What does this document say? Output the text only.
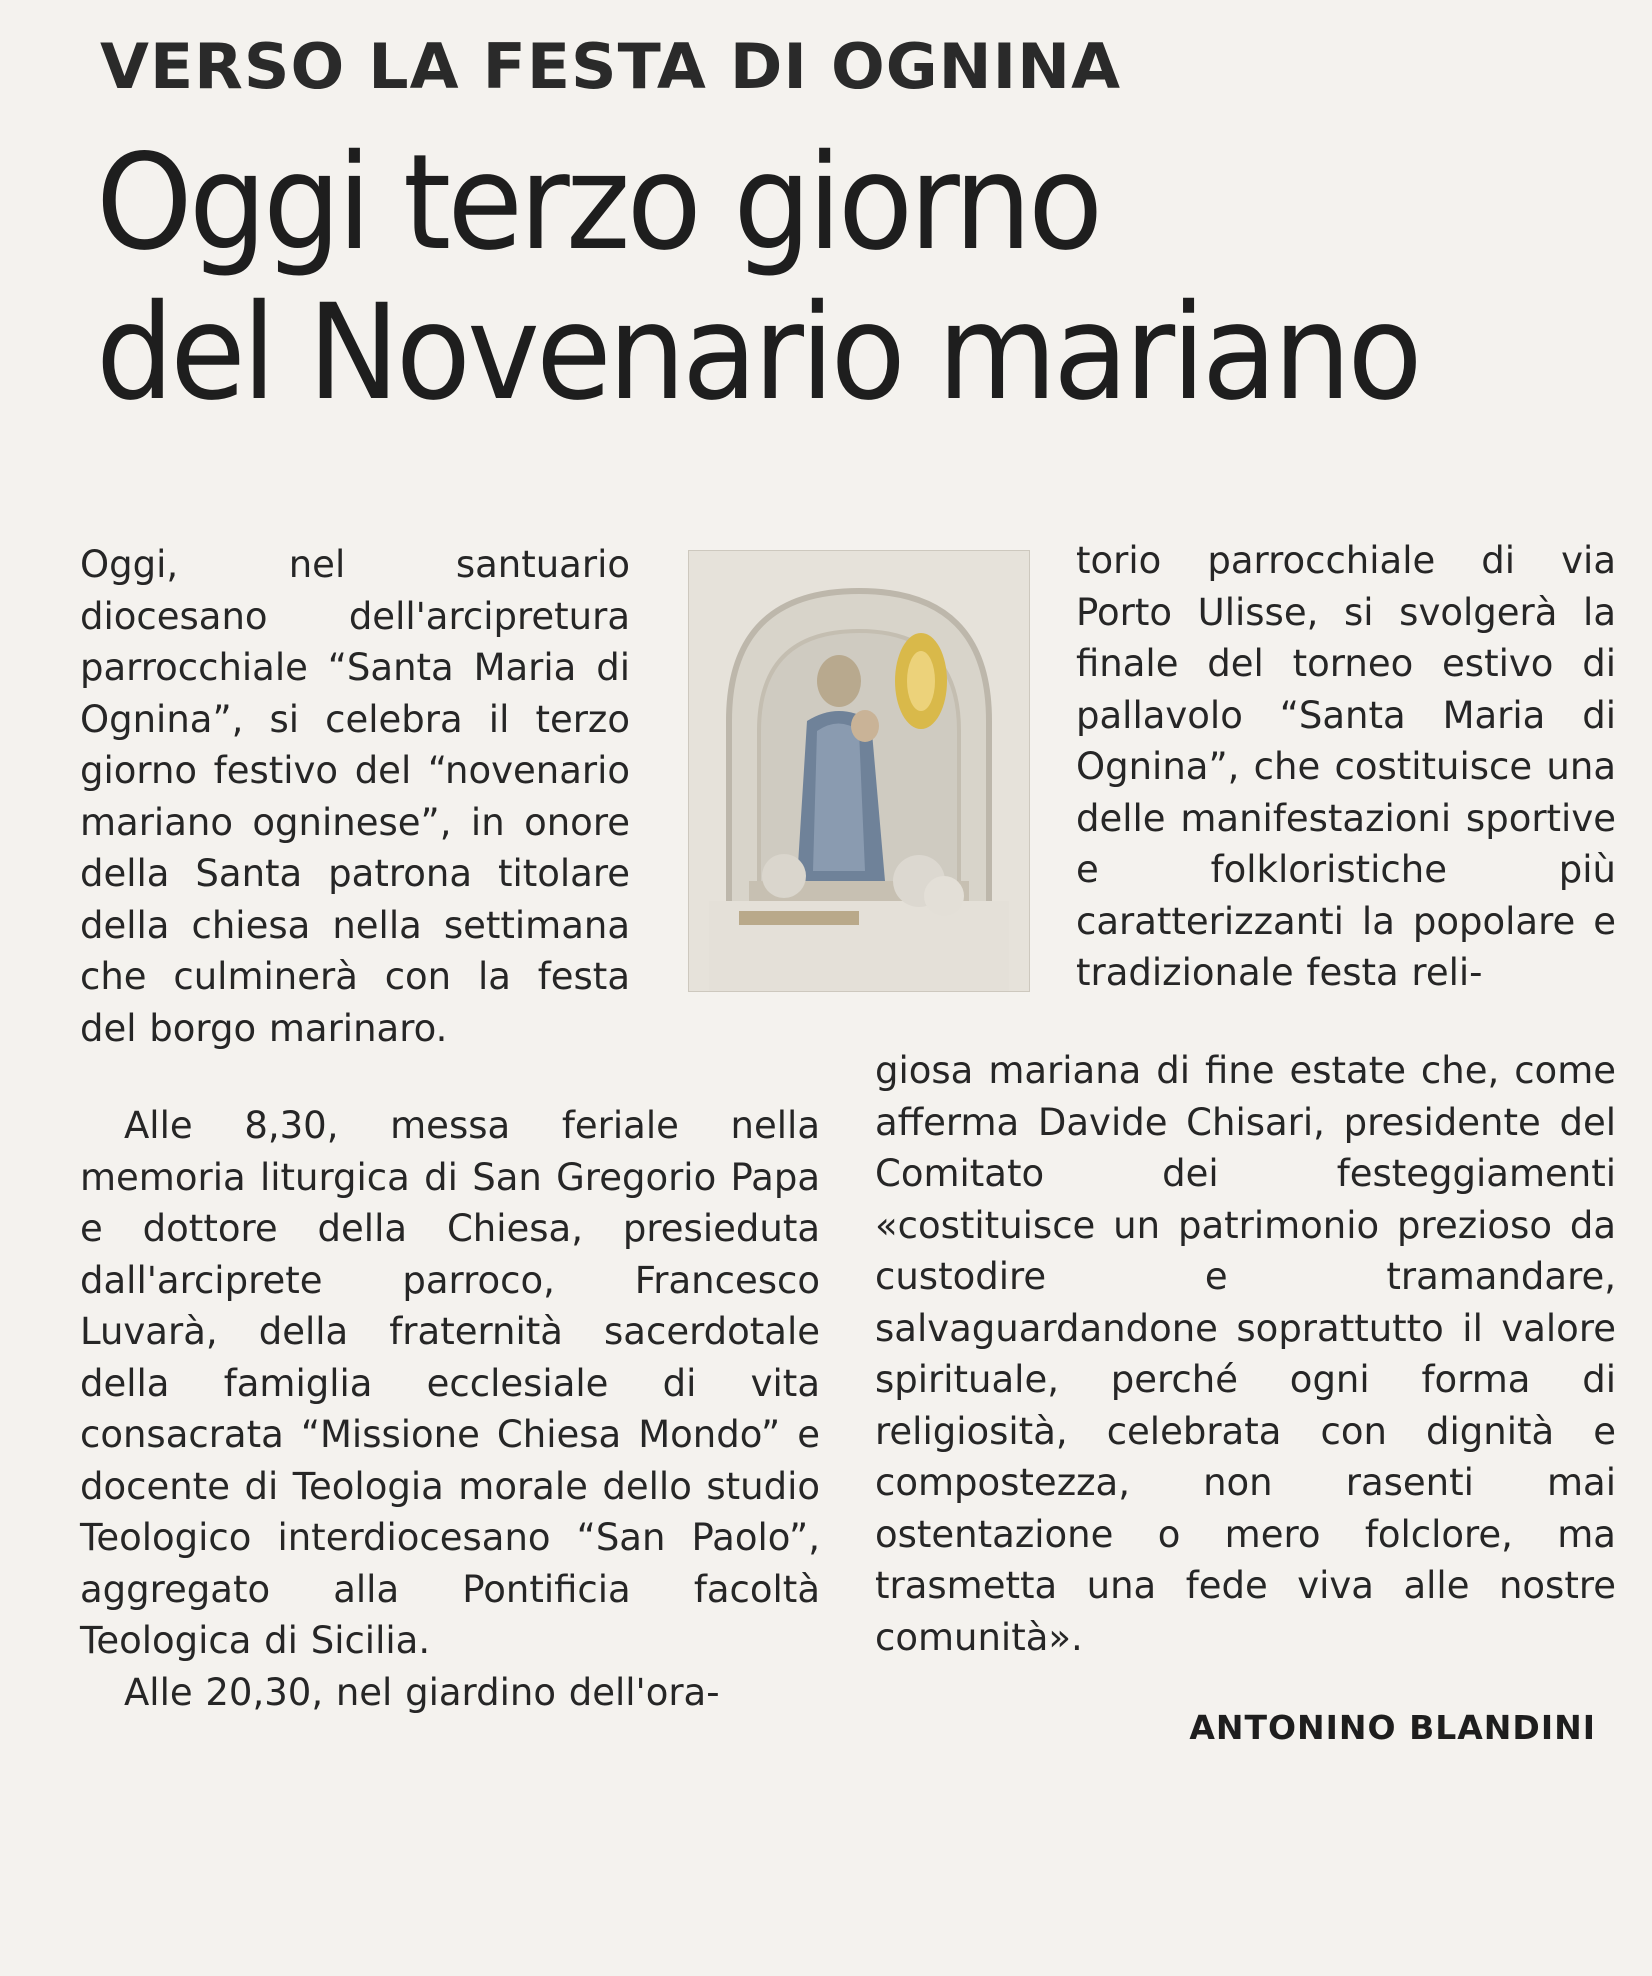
VERSO LA FESTA DI OGNINA
Oggi terzo giorno
del Novenario mariano

Oggi, nel santuario diocesano dell'arcipretura parrocchiale “Santa Maria di Ognina”, si celebra il terzo giorno festivo del “novenario mariano ogninese”, in onore della Santa patrona titolare della chiesa nella settimana che culminerà con la festa del borgo marinaro.

torio parrocchiale di via Porto Ulisse, si svolgerà la finale del torneo estivo di pallavolo “Santa Maria di Ognina”, che costituisce una delle manifestazioni sportive e folkloristiche più caratterizzanti la popolare e tradizionale festa reli-

Alle 8,30, messa feriale nella memoria liturgica di San Gregorio Papa e dottore della Chiesa, presieduta dall'arciprete parroco, Francesco Luvarà, della fraternità sacerdotale della famiglia ecclesiale di vita consacrata “Missione Chiesa Mondo” e docente di Teologia morale dello studio Teologico interdiocesano “San Paolo”, aggregato alla Pontificia facoltà Teologica di Sicilia.

Alle 20,30, nel giardino dell'ora-

giosa mariana di fine estate che, come afferma Davide Chisari, presidente del Comitato dei festeggiamenti «costituisce un patrimonio prezioso da custodire e tramandare, salvaguardandone soprattutto il valore spirituale, perché ogni forma di religiosità, celebrata con dignità e compostezza, non rasenti mai ostentazione o mero folclore, ma trasmetta una fede viva alle nostre comunità».

ANTONINO BLANDINI
